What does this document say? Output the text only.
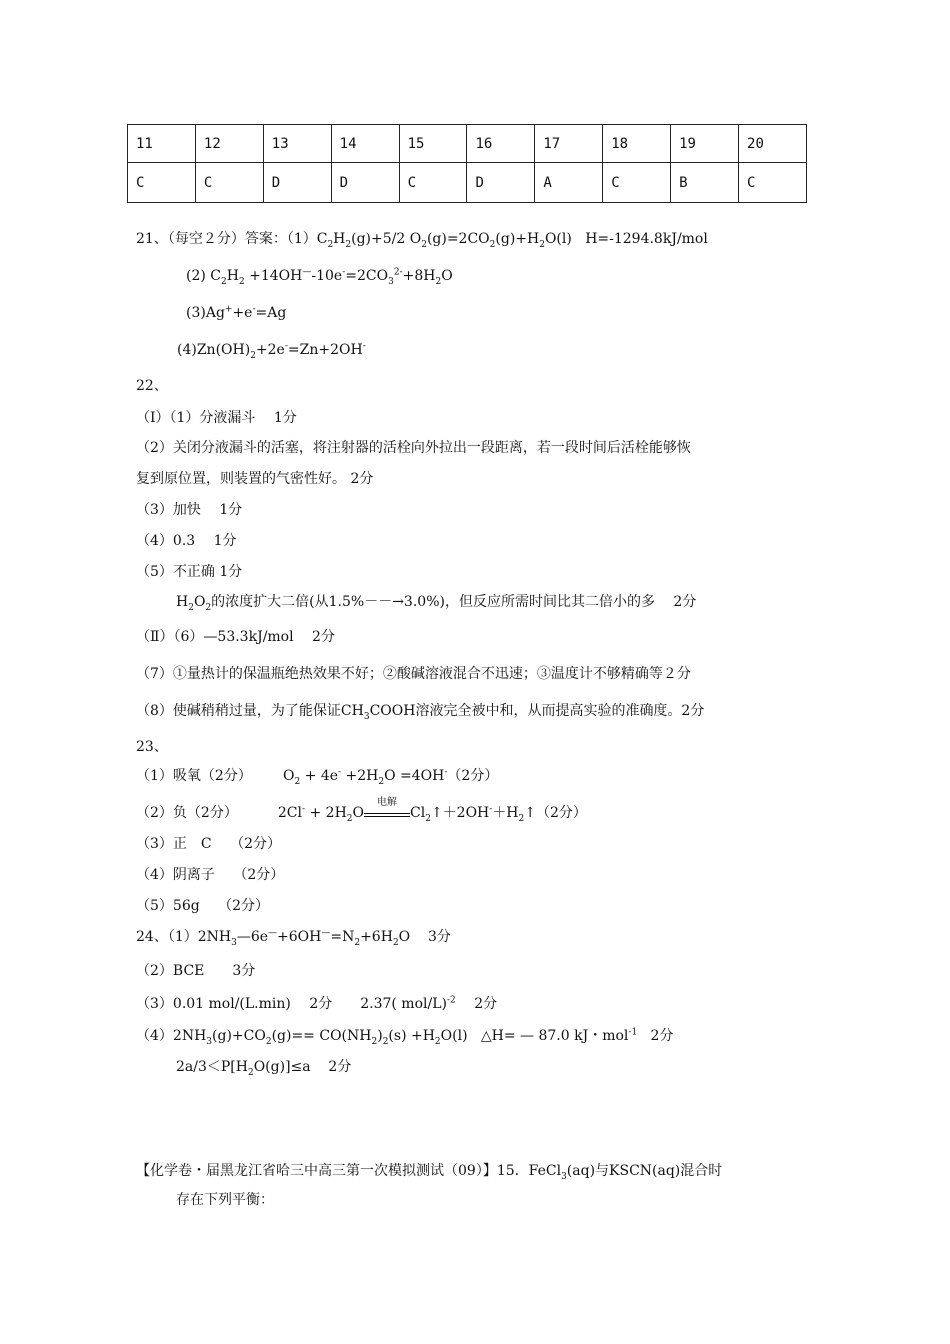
11	12	13	14	15	16	17	18	19	20
C	C	D	D	C	D	A	C	B	C
21、（每空２分）答案：$(1)C_2H_2(g)+5/2$ $O_2(g)=2CO_2(g)+H_2O(l)$   H=-1294.8kJ/mol
(2) $C_2H_2 +14OH^—-10e^-=2CO_3^{2-}+8H_2O$
(3)Ag++e-=Ag
$(4)Zn(OH)_2+2e^-=Zn+2OH^-$
22、
（Ⅰ）（1）分液漏斗　 1分
（2）关闭分液漏斗的活塞，将注射器的活栓向外拉出一段距离，若一段时间后活栓能够恢
复到原位置，则装置的气密性好。 2分
（3）加快　 1分
（4）0.3　 1分
（5）不正确 1分
$H_2O_2$的浓度扩大二倍(从1.5%－－→3.0%)，但反应所需时间比其二倍小的多　 2分
（Ⅱ）（6）—53.3kJ/mol　 2分
（7）①量热计的保温瓶绝热效果不好；②酸碱溶液混合不迅速；③温度计不够精确等２分
（8）使碱稍稍过量，为了能保证$CH_3COOH$溶液完全被中和，从而提高实验的准确度。2分
23、
（1）吸氧（2分）       $O_2 + 4e^- +2H_2O =4OH^-(2$分）
（2）负（2分）         $2Cl^- + 2H_2O$
电解
$Cl_2↑+2OH^-+H_2↑(2$分）
（3）正　C　 （2分）
（4）阴离子　 （2分）
（5）56g　 （2分）
24、$(1)2NH_3—6e^—+6OH^—=N_2+6H_2O$    3分
（2）BCE　　3分
（3）0.01 mol/(L.min)　 2分　　2.37( mol/L)$^{-2}$　 2分
$(4)2NH_3(g)+CO_2(g)== CO(NH_2)_2(s) +H_2O(l)$   △H= — 87.0 kJ・mol$^{-1}$   2分
$2a/3<P[H_2O(g)]\le a$    2分
【化学卷・届黑龙江省哈三中高三第一次模拟测试（09）】15．FeCl$_3$(aq)与KSCN(aq)混合时
存在下列平衡：
